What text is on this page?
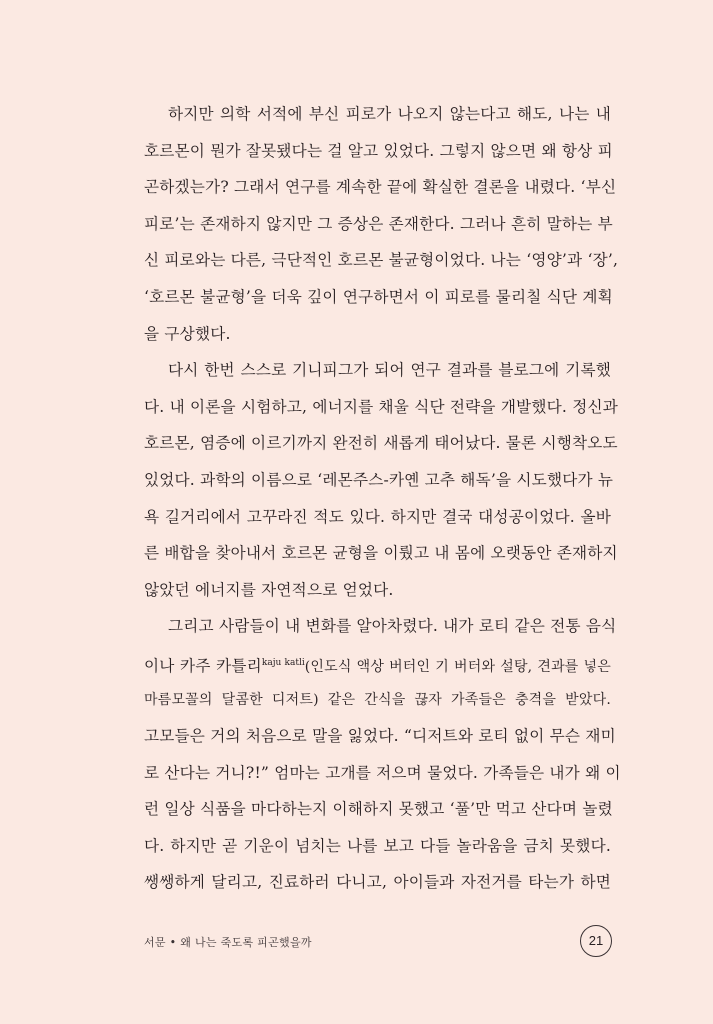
하지만 의학 서적에 부신 피로가 나오지 않는다고 해도, 나는 내
호르몬이 뭔가 잘못됐다는 걸 알고 있었다. 그렇지 않으면 왜 항상 피
곤하겠는가? 그래서 연구를 계속한 끝에 확실한 결론을 내렸다. ‘부신
피로’는 존재하지 않지만 그 증상은 존재한다. 그러나 흔히 말하는 부
신 피로와는 다른, 극단적인 호르몬 불균형이었다. 나는 ‘영양’과 ‘장’,
‘호르몬 불균형’을 더욱 깊이 연구하면서 이 피로를 물리칠 식단 계획
을 구상했다.
다시 한번 스스로 기니피그가 되어 연구 결과를 블로그에 기록했
다. 내 이론을 시험하고, 에너지를 채울 식단 전략을 개발했다. 정신과
호르몬, 염증에 이르기까지 완전히 새롭게 태어났다. 물론 시행착오도
있었다. 과학의 이름으로 ‘레몬주스-카옌 고추 해독’을 시도했다가 뉴
욕 길거리에서 고꾸라진 적도 있다. 하지만 결국 대성공이었다. 올바
른 배합을 찾아내서 호르몬 균형을 이뤘고 내 몸에 오랫동안 존재하지
않았던 에너지를 자연적으로 얻었다.
그리고 사람들이 내 변화를 알아차렸다. 내가 로티 같은 전통 음식
이나 카주 카틀리$^{kaju katli}$(인도식 액상 버터인 기 버터와 설탕, 견과를 넣은
마름모꼴의 달콤한 디저트) 같은 간식을 끊자 가족들은 충격을 받았다.
고모들은 거의 처음으로 말을 잃었다. “디저트와 로티 없이 무슨 재미
로 산다는 거니?!” 엄마는 고개를 저으며 물었다. 가족들은 내가 왜 이
런 일상 식품을 마다하는지 이해하지 못했고 ‘풀’만 먹고 산다며 놀렸
다. 하지만 곧 기운이 넘치는 나를 보고 다들 놀라움을 금치 못했다.
쌩쌩하게 달리고, 진료하러 다니고, 아이들과 자전거를 타는가 하면
서문 • 왜 나는 죽도록 피곤했을까	21
